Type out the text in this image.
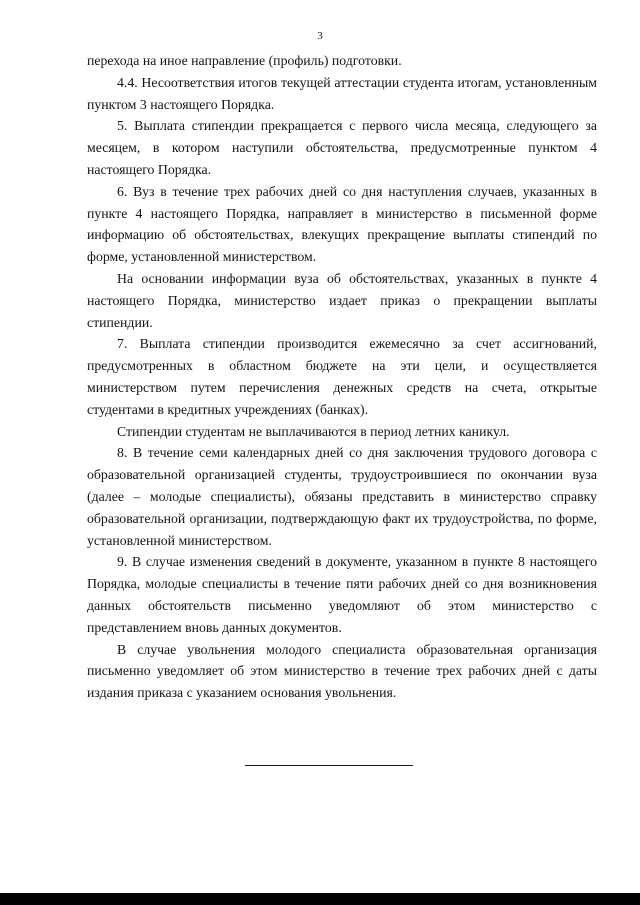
3

перехода на иное направление (профиль) подготовки.

4.4. Несоответствия итогов текущей аттестации студента итогам, установленным пунктом 3 настоящего Порядка.

5. Выплата стипендии прекращается с первого числа месяца, следующего за месяцем, в котором наступили обстоятельства, предусмотренные пунктом 4 настоящего Порядка.

6. Вуз в течение трех рабочих дней со дня наступления случаев, указанных в пункте 4 настоящего Порядка, направляет в министерство в письменной форме информацию об обстоятельствах, влекущих прекращение выплаты стипендий по форме, установленной министерством.

На основании информации вуза об обстоятельствах, указанных в пункте 4 настоящего Порядка, министерство издает приказ о прекращении выплаты стипендии.

7. Выплата стипендии производится ежемесячно за счет ассигнований, предусмотренных в областном бюджете на эти цели, и осуществляется министерством путем перечисления денежных средств на счета, открытые студентами в кредитных учреждениях (банках).

Стипендии студентам не выплачиваются в период летних каникул.

8. В течение семи календарных дней со дня заключения трудового договора с образовательной организацией студенты, трудоустроившиеся по окончании вуза (далее – молодые специалисты), обязаны представить в министерство справку образовательной организации, подтверждающую факт их трудоустройства, по форме, установленной министерством.

9. В случае изменения сведений в документе, указанном в пункте 8 настоящего Порядка, молодые специалисты в течение пяти рабочих дней со дня возникновения данных обстоятельств письменно уведомляют об этом министерство с представлением вновь данных документов.

В случае увольнения молодого специалиста образовательная организация письменно уведомляет об этом министерство в течение трех рабочих дней с даты издания приказа с указанием основания увольнения.
